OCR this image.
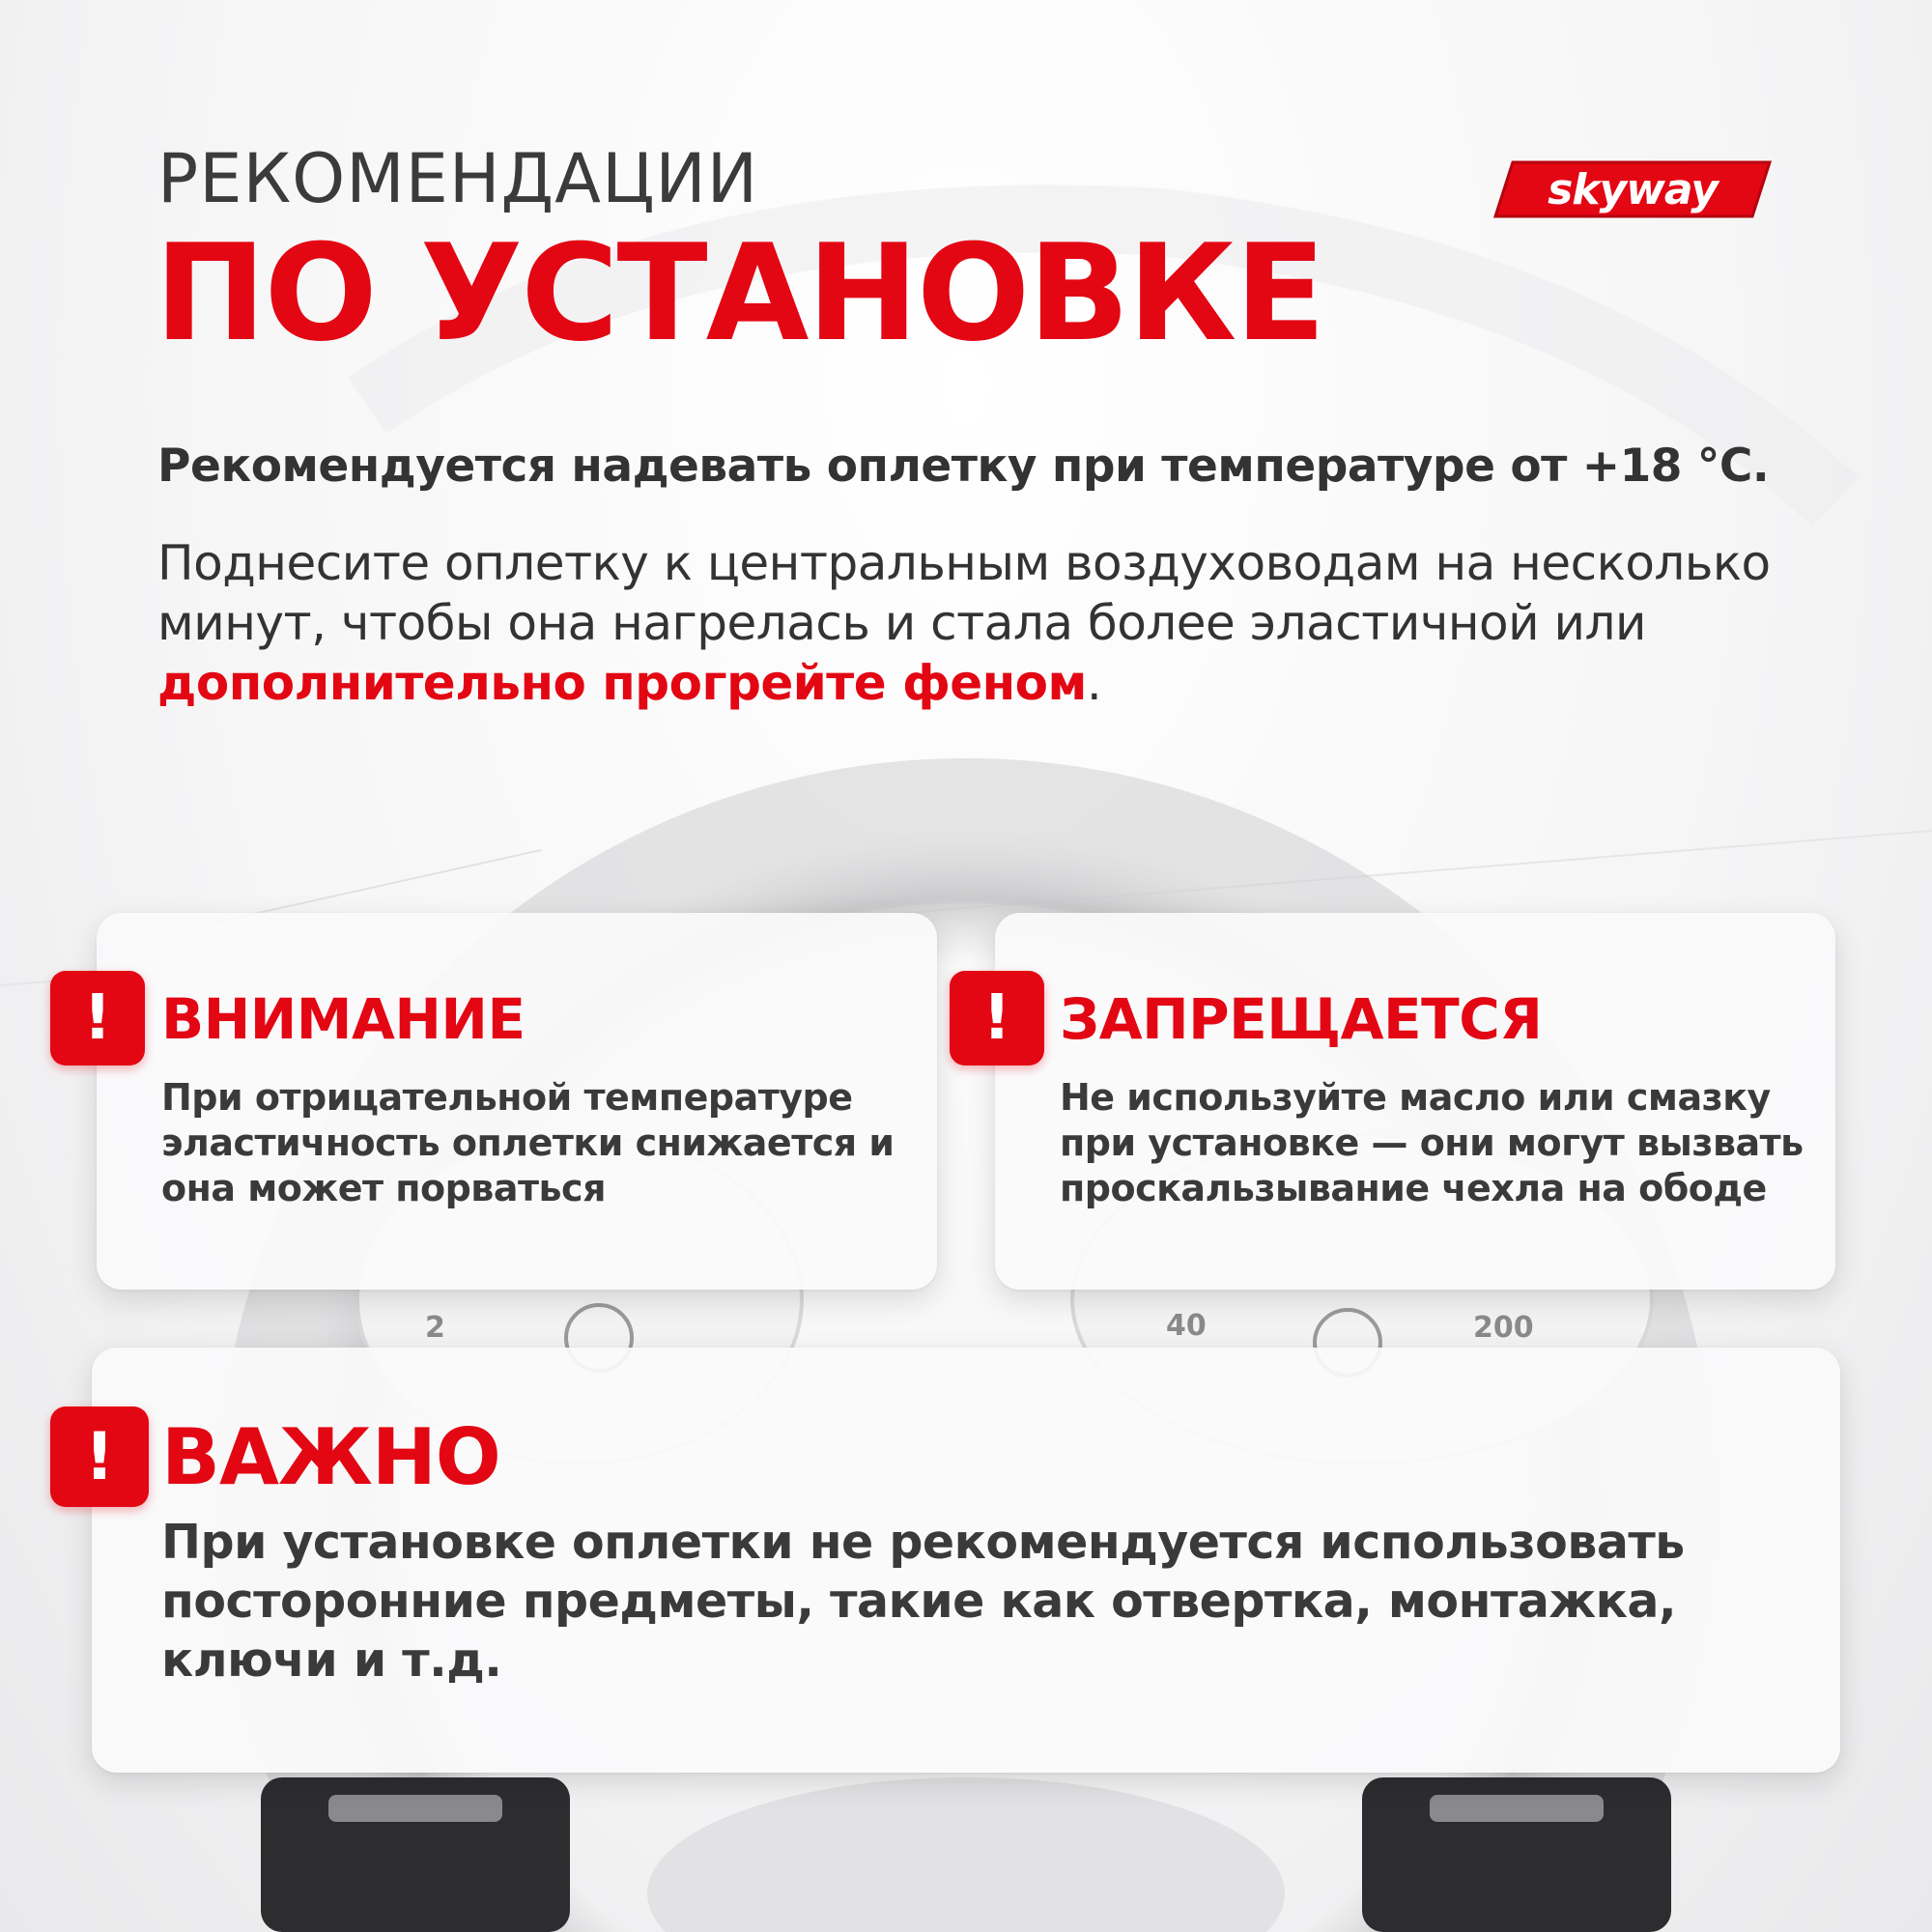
2	40	200
РЕКОМЕНДАЦИИ
ПО УСТАНОВКЕ
skyway

Рекомендуется надевать оплетку при температуре от +18 °С.

Поднесите оплетку к центральным воздуховодам на несколько минут, чтобы она нагрелась и стала более эластичной или дополнительно прогрейте феном.

!	!
!
ВНИМАНИЕ	ЗАПРЕЩАЕТСЯ
ВАЖНО

При отрицательной температуре эластичность оплетки снижается и она может порваться

Не используйте масло или смазку при установке — они могут вызвать проскальзывание чехла на ободе

При установке оплетки не рекомендуется использовать посторонние предметы, такие как отвертка, монтажка, ключи и т.д.
